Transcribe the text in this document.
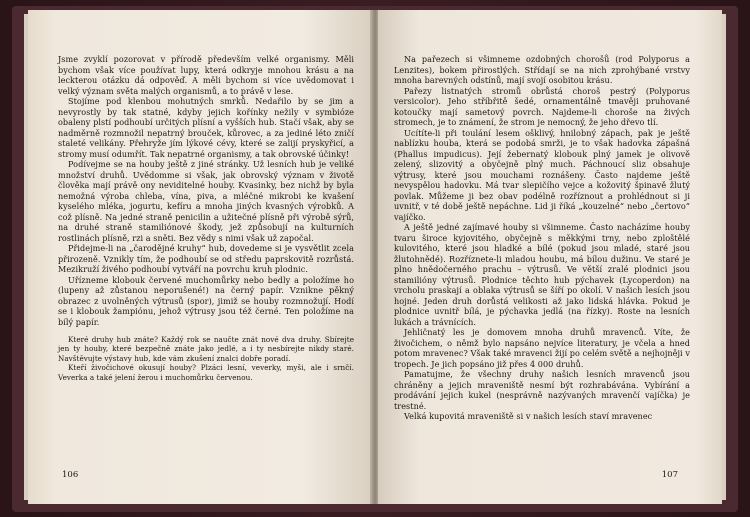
Jsme zvyklí pozorovat v přírodě především velké organismy. Měli bychom však více používat lupy, která odkryje mnohou krásu a na leckterou otázku dá odpověď. A měli bychom si více uvědomovat i velký význam světa malých organismů, a to právě v lese.

Stojíme pod klenbou mohutných smrků. Nedařilo by se jim a nevyrostly by tak statné, kdyby jejich kořínky nežily v symbióze obaleny plstí podhoubí určitých plísní a vyšších hub. Stačí však, aby se nadměrně rozmnožil nepatrný brouček, kůrovec, a za jediné léto zničí staleté velikány. Přehryže jím lýkové cévy, které se zalijí pryskyřicí, a stromy musí odumřít. Tak nepatrné organismy, a tak obrovské účinky!

Podívejme se na houby ještě z jiné stránky. Už lesních hub je veliké množství druhů. Uvědomme si však, jak obrovský význam v životě člověka mají právě ony neviditelné houby. Kvasinky, bez nichž by byla nemožná výroba chleba, vína, piva, a mléčné mikrobi ke kvašení kyselého mléka, jogurtu, kefíru a mnoha jiných kvasných výrobků. A což plísně. Na jedné straně penicilin a užitečné plísně při výrobě sýrů, na druhé straně stamiliónové škody, jež způsobují na kulturních rostlinách plísně, rzi a sněti. Bez vědy s nimi však už započal.

Přidejme-li na „čarodějné kruhy“ hub, dovedeme si je vysvětlit zcela přirozeně. Vznikly tím, že podhoubí se od středu paprskovitě rozrůstá. Mezikruží živého podhoubí vytváří na povrchu kruh plodnic.

Uřízneme klobouk červené muchomůrky nebo bedly a položíme ho (lupeny až zůstanou neporušené!) na černý papír. Vznikne pěkný obrazec z uvolněných výtrusů (spor), jimiž se houby rozmnožují. Hodí se i klobouk žampiónu, jehož výtrusy jsou též černé. Ten položíme na bílý papír.

Které druhy hub znáte? Každý rok se naučte znát nové dva druhy. Sbírejte jen ty houby, které bezpečně znáte jako jedlé, a i ty nesbírejte nikdy staré. Navštěvujte výstavy hub, kde vám zkušení znalci dobře poradí.

Kteří živočichové okusují houby? Plzáci lesní, veverky, myši, ale i srnčí. Veverka a také jelení žerou i muchomůrku červenou.

106

Na pařezech si všimneme ozdobných chorošů (rod Polyporus a Lenzites), bokem přirostlých. Střídají se na nich zprohýbané vrstvy mnoha barevných odstínů, mají svojí osobitou krásu.

Pařezy listnatých stromů obrůstá choroš pestrý (Polyporus versicolor). Jeho stříbřitě šedé, ornamentálně tmavěji pruhované kotoučky mají sametový povrch. Najdeme-li choroše na živých stromech, je to známení, že strom je nemocný, že jeho dřevo tlí.

Ucítíte-li při toulání lesem ošklivý, hnilobný zápach, pak je ještě nablízku houba, která se podobá smrži, je to však hadovka zápašná (Phallus impudicus). Její žebernatý klobouk plný jamek je olivově zelený, slizovitý a obyčejně plný much. Páchnoucí sliz obsahuje výtrusy, které jsou mouchami roznášeny. Často najdeme ještě nevyspělou hadovku. Má tvar slepičího vejce a kožovitý špinavě žlutý povlak. Můžeme ji bez obav podélně rozříznout a prohlédnout si ji uvnitř, v té době ještě nepáchne. Lid ji říká „kouzelné“ nebo „čertovo“ vajíčko.

A ještě jedné zajímavé houby si všimneme. Často nacházíme houby tvaru široce kyjovitého, obyčejně s měkkými trny, nebo zploštělé kulovitého, které jsou hladké a bílé (pokud jsou mladé, staré jsou žlutohnědé). Rozříznete-li mladou houbu, má bílou dužinu. Ve staré je plno hnědočerného prachu – výtrusů. Ve větší zralé plodnici jsou stamilióny výtrusů. Plodnice těchto hub pýchavek (Lycoperdon) na vrcholu praskají a oblaka výtrusů se šíří po okolí. V našich lesích jsou hojné. Jeden druh dorůstá velikosti až jako lidská hlávka. Pokud je plodnice uvnitř bílá, je pýchavka jedlá (na řízky). Roste na lesních lukách a trávnících.

Jehličnatý les je domovem mnoha druhů mravenců. Víte, že živočichem, o němž bylo napsáno nejvíce literatury, je včela a hned potom mravenec? Však také mravenci žijí po celém světě a nejhojněji v tropech. Je jich popsáno již přes 4 000 druhů.

Pamatujme, že všechny druhy našich lesních mravenců jsou chráněny a jejich mraveniště nesmí být rozhrabávána. Vybírání a prodávání jejich kukel (nesprávně nazývaných mravenčí vajíčka) je trestné.

Velká kupovitá mraveniště si v našich lesích staví mravenec

107
